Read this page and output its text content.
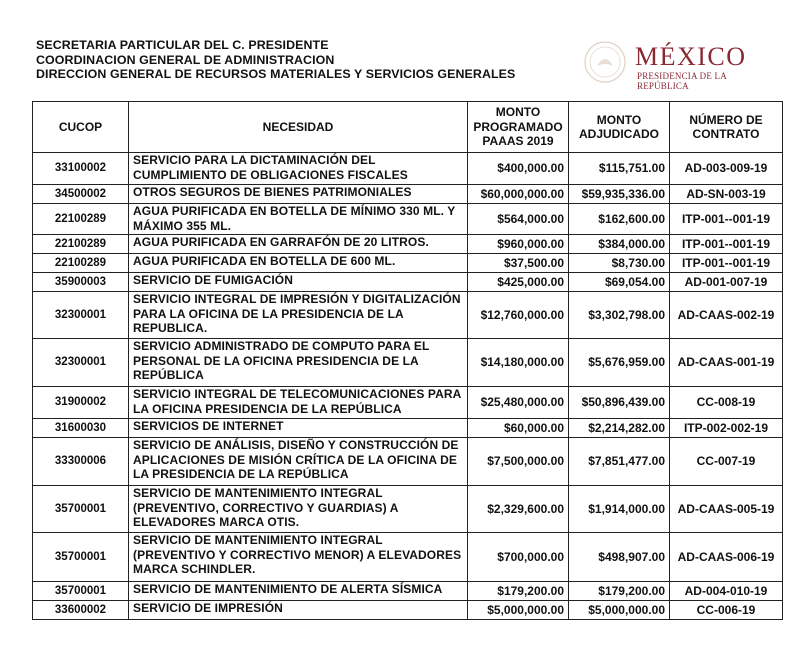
SECRETARIA PARTICULAR DEL C. PRESIDENTE
COORDINACION GENERAL DE ADMINISTRACION
DIRECCION GENERAL DE RECURSOS MATERIALES Y SERVICIOS GENERALES
MÉXICO
PRESIDENCIA DE LA REPÚBLICA
CUCOP	NECESIDAD	MONTO PROGRAMADO PAAAS 2019	MONTO ADJUDICADO	NÚMERO DE CONTRATO
33100002	SERVICIO PARA LA DICTAMINACIÓN DEL CUMPLIMIENTO DE OBLIGACIONES FISCALES	$400,000.00	$115,751.00	AD-003-009-19
34500002	OTROS SEGUROS DE BIENES PATRIMONIALES	$60,000,000.00	$59,935,336.00	AD-SN-003-19
22100289	AGUA PURIFICADA EN BOTELLA DE MÍNIMO 330 ML. Y MÁXIMO 355 ML.	$564,000.00	$162,600.00	ITP-001--001-19
22100289	AGUA PURIFICADA EN GARRAFÓN DE 20 LITROS.	$960,000.00	$384,000.00	ITP-001--001-19
22100289	AGUA PURIFICADA EN BOTELLA DE 600 ML.	$37,500.00	$8,730.00	ITP-001--001-19
35900003	SERVICIO DE FUMIGACIÓN	$425,000.00	$69,054.00	AD-001-007-19
32300001	SERVICIO INTEGRAL DE IMPRESIÓN Y DIGITALIZACIÓN PARA LA OFICINA DE LA PRESIDENCIA DE LA REPUBLICA.	$12,760,000.00	$3,302,798.00	AD-CAAS-002-19
32300001	SERVICIO ADMINISTRADO DE COMPUTO PARA EL PERSONAL DE LA OFICINA PRESIDENCIA DE LA REPÚBLICA	$14,180,000.00	$5,676,959.00	AD-CAAS-001-19
31900002	SERVICIO INTEGRAL DE TELECOMUNICACIONES PARA LA OFICINA PRESIDENCIA DE LA REPÚBLICA	$25,480,000.00	$50,896,439.00	CC-008-19
31600030	SERVICIOS DE INTERNET	$60,000.00	$2,214,282.00	ITP-002-002-19
33300006	SERVICIO DE ANÁLISIS, DISEÑO Y CONSTRUCCIÓN DE APLICACIONES DE MISIÓN CRÍTICA DE LA OFICINA DE LA PRESIDENCIA DE LA REPÚBLICA	$7,500,000.00	$7,851,477.00	CC-007-19
35700001	SERVICIO DE MANTENIMIENTO INTEGRAL (PREVENTIVO, CORRECTIVO Y GUARDIAS) A ELEVADORES MARCA OTIS.	$2,329,600.00	$1,914,000.00	AD-CAAS-005-19
35700001	SERVICIO DE MANTENIMIENTO INTEGRAL (PREVENTIVO Y CORRECTIVO MENOR) A ELEVADORES MARCA SCHINDLER.	$700,000.00	$498,907.00	AD-CAAS-006-19
35700001	SERVICIO DE MANTENIMIENTO DE ALERTA SÍSMICA	$179,200.00	$179,200.00	AD-004-010-19
33600002	SERVICIO DE IMPRESIÓN	$5,000,000.00	$5,000,000.00	CC-006-19
